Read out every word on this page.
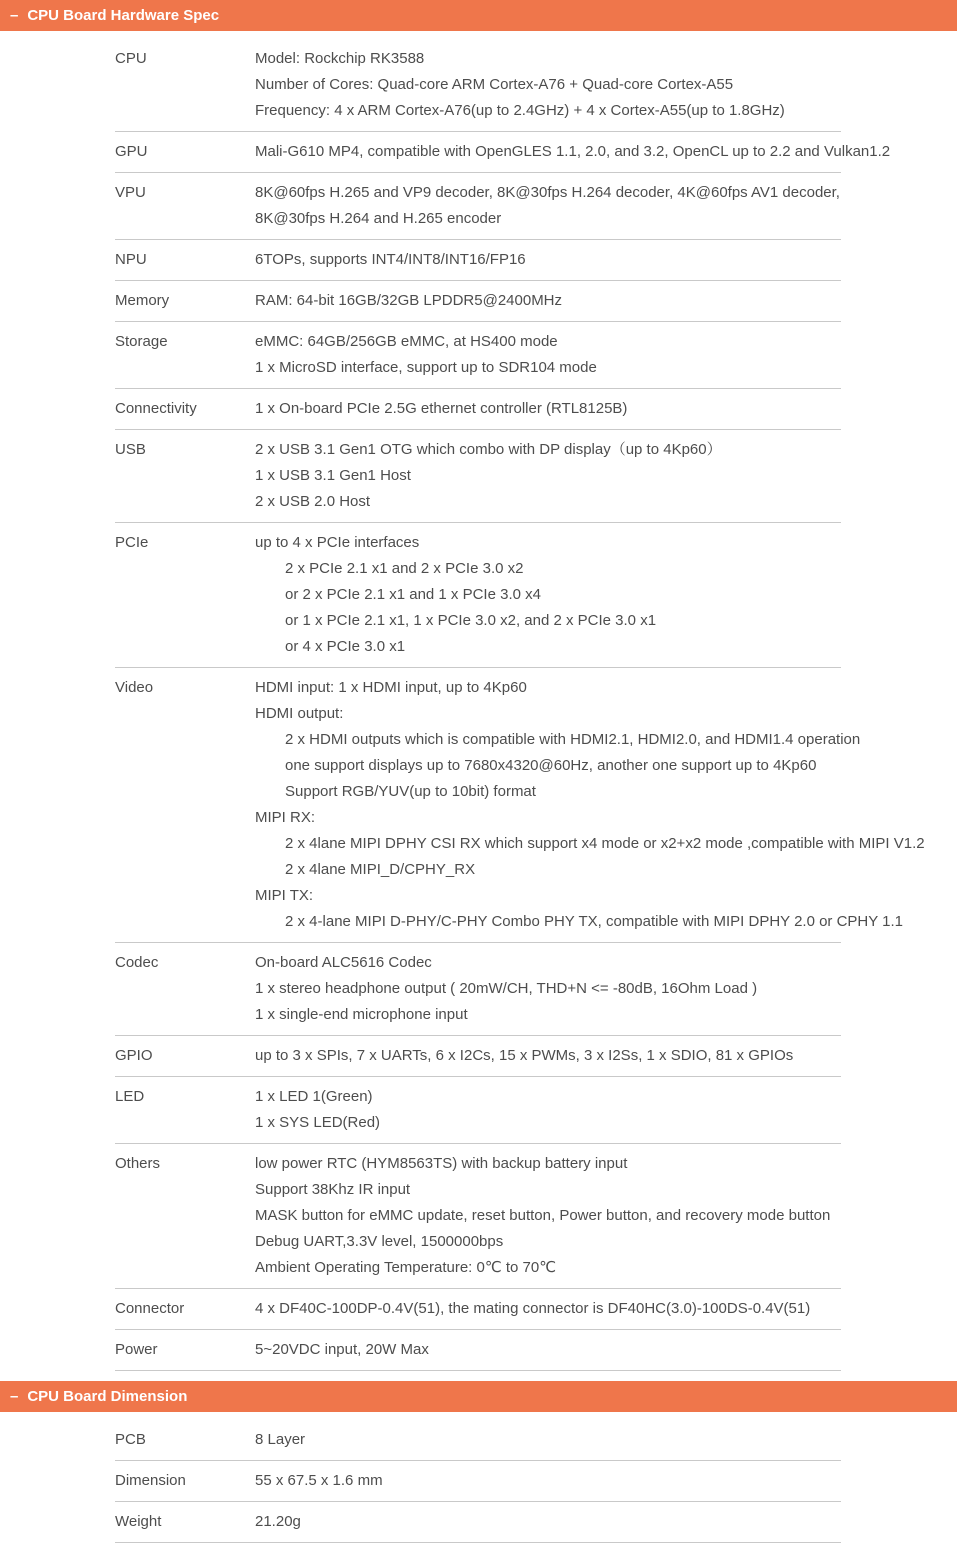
– CPU Board Hardware Spec
CPU	Model: Rockchip RK3588
Number of Cores: Quad-core ARM Cortex-A76 + Quad-core Cortex-A55
Frequency: 4 x ARM Cortex-A76(up to 2.4GHz) + 4 x Cortex-A55(up to 1.8GHz)
GPU	Mali-G610 MP4, compatible with OpenGLES 1.1, 2.0, and 3.2, OpenCL up to 2.2 and Vulkan1.2
VPU	8K@60fps H.265 and VP9 decoder, 8K@30fps H.264 decoder, 4K@60fps AV1 decoder,
8K@30fps H.264 and H.265 encoder
NPU	6TOPs, supports INT4/INT8/INT16/FP16
Memory	RAM: 64-bit 16GB/32GB LPDDR5@2400MHz
Storage	eMMC: 64GB/256GB eMMC, at HS400 mode
1 x MicroSD interface, support up to SDR104 mode
Connectivity	1 x On-board PCIe 2.5G ethernet controller (RTL8125B)
USB	2 x USB 3.1 Gen1 OTG which combo with DP display（up to 4Kp60）
1 x USB 3.1 Gen1 Host
2 x USB 2.0 Host
PCIe	up to 4 x PCIe interfaces
2 x PCIe 2.1 x1 and 2 x PCIe 3.0 x2
or 2 x PCIe 2.1 x1 and 1 x PCIe 3.0 x4
or 1 x PCIe 2.1 x1, 1 x PCIe 3.0 x2, and 2 x PCIe 3.0 x1
or 4 x PCIe 3.0 x1
Video	HDMI input: 1 x HDMI input, up to 4Kp60
HDMI output:
2 x HDMI outputs which is compatible with HDMI2.1, HDMI2.0, and HDMI1.4 operation
one support displays up to 7680x4320@60Hz, another one support up to 4Kp60
Support RGB/YUV(up to 10bit) format
MIPI RX:
2 x 4lane MIPI DPHY CSI RX which support x4 mode or x2+x2 mode ,compatible with MIPI V1.2
2 x 4lane MIPI_D/CPHY_RX
MIPI TX:
2 x 4-lane MIPI D-PHY/C-PHY Combo PHY TX, compatible with MIPI DPHY 2.0 or CPHY 1.1
Codec	On-board ALC5616 Codec
1 x stereo headphone output ( 20mW/CH, THD+N <= -80dB, 16Ohm Load )
1 x single-end microphone input
GPIO	up to 3 x SPIs, 7 x UARTs, 6 x I2Cs, 15 x PWMs, 3 x I2Ss, 1 x SDIO, 81 x GPIOs
LED	1 x LED 1(Green)
1 x SYS LED(Red)
Others	low power RTC (HYM8563TS) with backup battery input
Support 38Khz IR input
MASK button for eMMC update, reset button, Power button, and recovery mode button
Debug UART,3.3V level, 1500000bps
Ambient Operating Temperature: 0℃ to 70℃
Connector	4 x DF40C-100DP-0.4V(51), the mating connector is DF40HC(3.0)-100DS-0.4V(51)
Power	5~20VDC input, 20W Max
– CPU Board Dimension
PCB	8 Layer
Dimension	55 x 67.5 x 1.6 mm
Weight	21.20g
